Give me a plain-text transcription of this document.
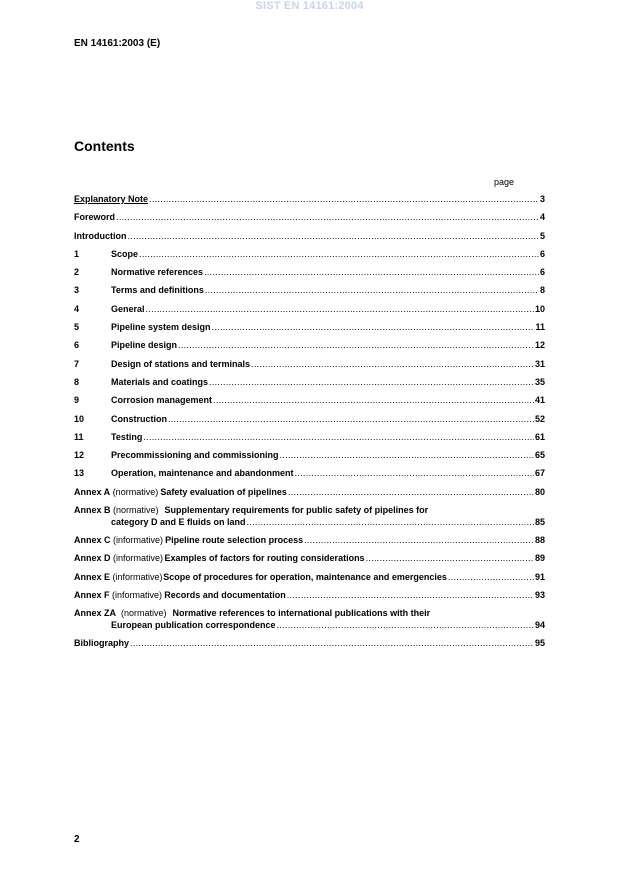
SIST EN 14161:2004
EN 14161:2003 (E)
Contents
page
Explanatory Note .....	3
Foreword .....	4
Introduction .....	5
1	Scope .....	6
2	Normative references .....	6
3	Terms and definitions .....	8
4	General .....	10
5	Pipeline system design .....	11
6	Pipeline design .....	12
7	Design of stations and terminals .....	31
8	Materials and coatings .....	35
9	Corrosion management .....	41
10	Construction .....	52
11	Testing .....	61
12	Precommissioning and commissioning .....	65
13	Operation, maintenance and abandonment .....	67
Annex A
(normative) Safety evaluation of pipelines .....	80
Annex B
(normative) Supplementary requirements for public safety of pipelines for
category D and E fluids on land .....	85
Annex C
(informative) Pipeline route selection process .....	88
Annex D
(informative) Examples of factors for routing considerations .....	89
Annex E
(informative) Scope of procedures for operation, maintenance and emergencies .....	91
Annex F
(informative) Records and documentation .....	93
Annex ZA
(normative) Normative references to international publications with their
European publication correspondence .....	94
Bibliography .....	95
2
